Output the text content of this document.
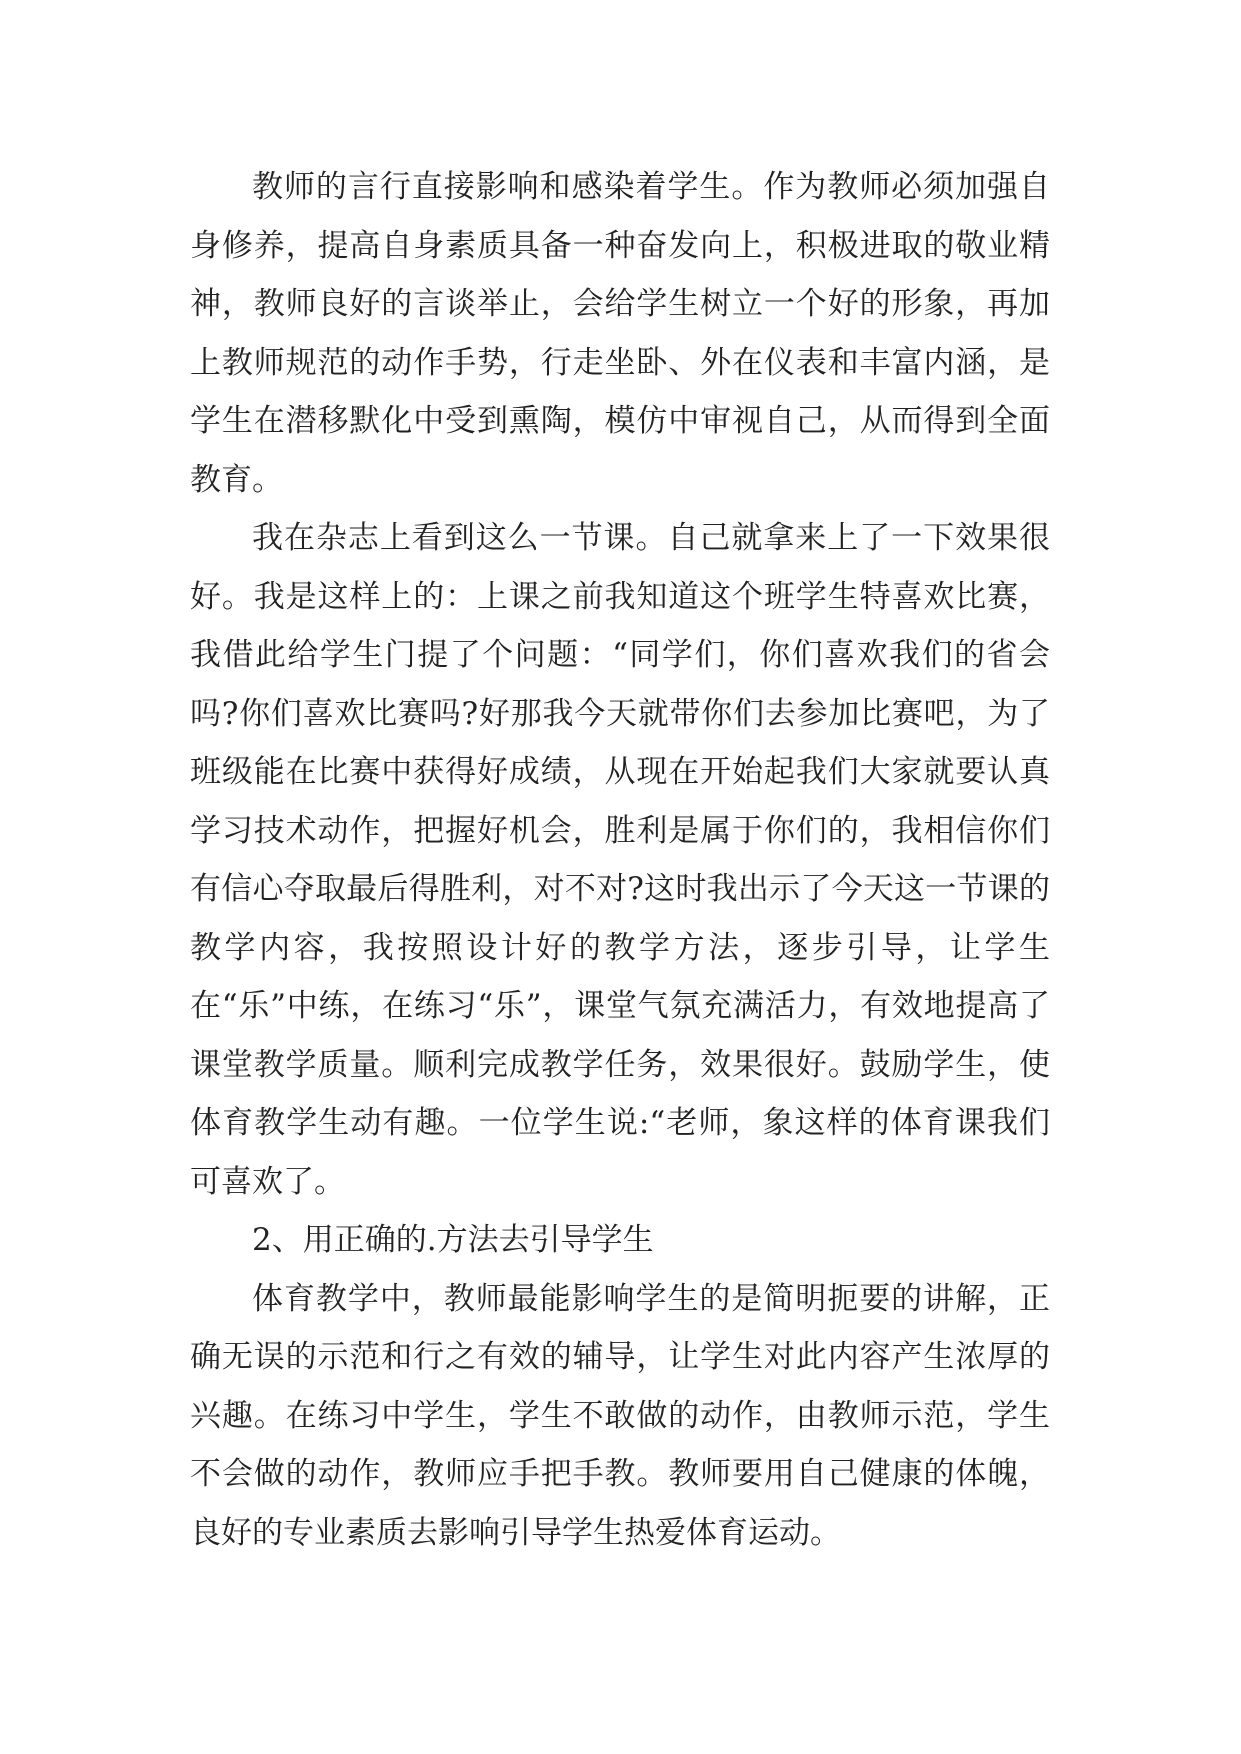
教师的言行直接影响和感染着学生。作为教师必须加强自身修养，提高自身素质具备一种奋发向上，积极进取的敬业精神，教师良好的言谈举止，会给学生树立一个好的形象，再加上教师规范的动作手势，行走坐卧、外在仪表和丰富内涵，是学生在潜移默化中受到熏陶，模仿中审视自己，从而得到全面教育。

我在杂志上看到这么一节课。自己就拿来上了一下效果很好。我是这样上的：上课之前我知道这个班学生特喜欢比赛，我借此给学生门提了个问题：“同学们，你们喜欢我们的省会吗?你们喜欢比赛吗?好那我今天就带你们去参加比赛吧，为了班级能在比赛中获得好成绩，从现在开始起我们大家就要认真学习技术动作，把握好机会，胜利是属于你们的，我相信你们有信心夺取最后得胜利，对不对?这时我出示了今天这一节课的教学内容，我按照设计好的教学方法，逐步引导，让学生在“乐”中练，在练习“乐”，课堂气氛充满活力，有效地提高了课堂教学质量。顺利完成教学任务，效果很好。鼓励学生，使体育教学生动有趣。一位学生说:“老师，象这样的体育课我们可喜欢了。

2、用正确的.方法去引导学生

体育教学中，教师最能影响学生的是简明扼要的讲解，正确无误的示范和行之有效的辅导，让学生对此内容产生浓厚的兴趣。在练习中学生，学生不敢做的动作，由教师示范，学生不会做的动作，教师应手把手教。教师要用自己健康的体魄，良好的专业素质去影响引导学生热爱体育运动。
